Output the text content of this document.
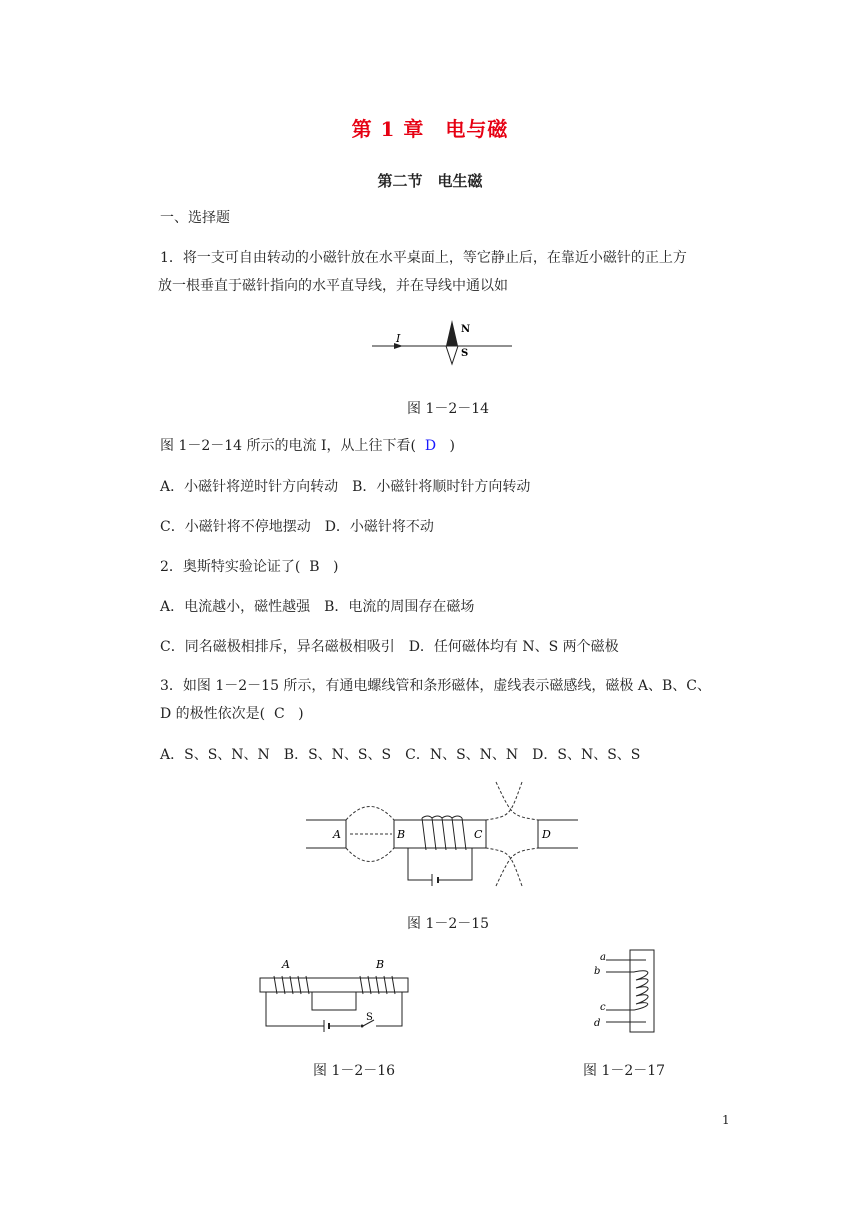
第 1 章　电与磁
第二节　电生磁
一、选择题
1．将一支可自由转动的小磁针放在水平桌面上，等它静止后，在靠近小磁针的正上方
放一根垂直于磁针指向的水平直导线，并在导线中通以如
I
N
S
图 1－2－14
图 1－2－14 所示的电流 I，从上往下看( D )
A．小磁针将逆时针方向转动　B．小磁针将顺时针方向转动
C．小磁针将不停地摆动　D．小磁针将不动
2．奥斯特实验论证了( B )
A．电流越小，磁性越强　B．电流的周围存在磁场
C．同名磁极相排斥，异名磁极相吸引　D．任何磁体均有 N、S 两个磁极
3．如图 1－2－15 所示，有通电螺线管和条形磁体，虚线表示磁感线，磁极 A、B、C、
D 的极性依次是( C )
A．S、S、N、N　B．S、N、S、S　C．N、S、N、N　D．S、N、S、S
A	B	C	D
图 1－2－15
A	B
S
图 1－2－16
a
b
c
d
图 1－2－17
1
